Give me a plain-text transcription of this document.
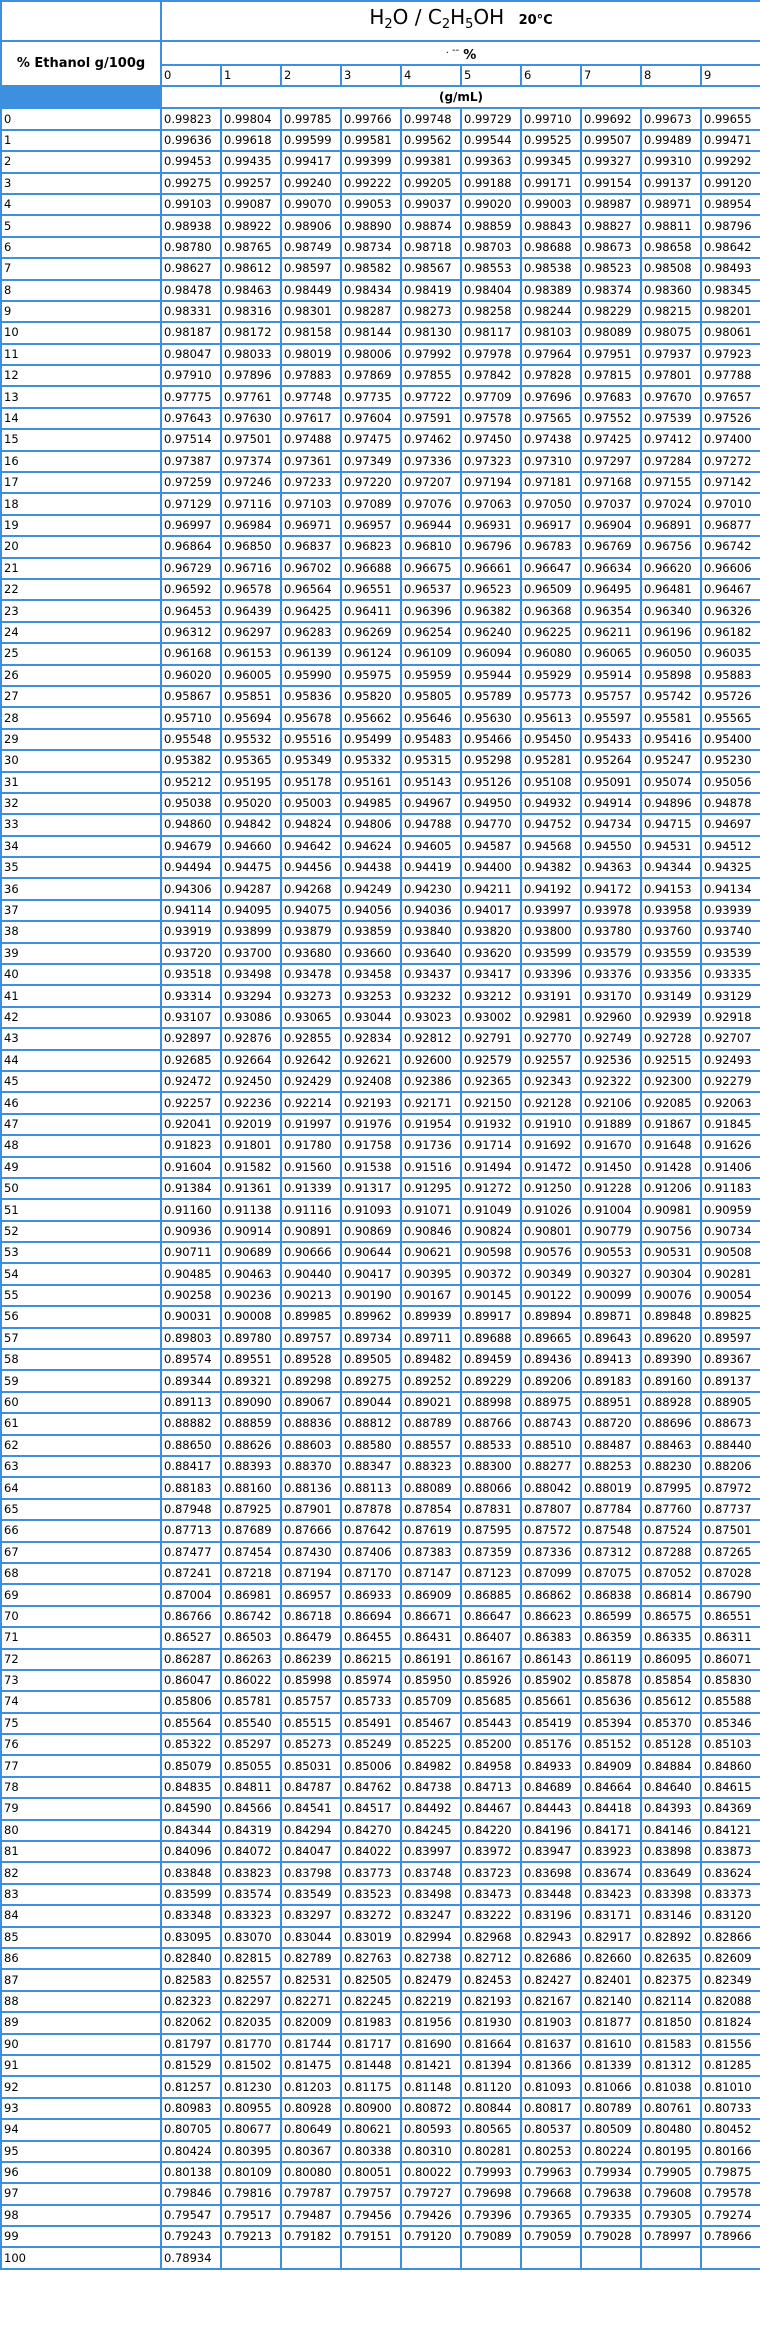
	$H_2O / C_2H_5OH$ 20°C									
% Ethanol g/100g	. -- %									
	0	1	2	3	4	5	6	7	8	9
	(g/mL)									
0	0.99823	0.99804	0.99785	0.99766	0.99748	0.99729	0.99710	0.99692	0.99673	0.99655
1	0.99636	0.99618	0.99599	0.99581	0.99562	0.99544	0.99525	0.99507	0.99489	0.99471
2	0.99453	0.99435	0.99417	0.99399	0.99381	0.99363	0.99345	0.99327	0.99310	0.99292
3	0.99275	0.99257	0.99240	0.99222	0.99205	0.99188	0.99171	0.99154	0.99137	0.99120
4	0.99103	0.99087	0.99070	0.99053	0.99037	0.99020	0.99003	0.98987	0.98971	0.98954
5	0.98938	0.98922	0.98906	0.98890	0.98874	0.98859	0.98843	0.98827	0.98811	0.98796
6	0.98780	0.98765	0.98749	0.98734	0.98718	0.98703	0.98688	0.98673	0.98658	0.98642
7	0.98627	0.98612	0.98597	0.98582	0.98567	0.98553	0.98538	0.98523	0.98508	0.98493
8	0.98478	0.98463	0.98449	0.98434	0.98419	0.98404	0.98389	0.98374	0.98360	0.98345
9	0.98331	0.98316	0.98301	0.98287	0.98273	0.98258	0.98244	0.98229	0.98215	0.98201
10	0.98187	0.98172	0.98158	0.98144	0.98130	0.98117	0.98103	0.98089	0.98075	0.98061
11	0.98047	0.98033	0.98019	0.98006	0.97992	0.97978	0.97964	0.97951	0.97937	0.97923
12	0.97910	0.97896	0.97883	0.97869	0.97855	0.97842	0.97828	0.97815	0.97801	0.97788
13	0.97775	0.97761	0.97748	0.97735	0.97722	0.97709	0.97696	0.97683	0.97670	0.97657
14	0.97643	0.97630	0.97617	0.97604	0.97591	0.97578	0.97565	0.97552	0.97539	0.97526
15	0.97514	0.97501	0.97488	0.97475	0.97462	0.97450	0.97438	0.97425	0.97412	0.97400
16	0.97387	0.97374	0.97361	0.97349	0.97336	0.97323	0.97310	0.97297	0.97284	0.97272
17	0.97259	0.97246	0.97233	0.97220	0.97207	0.97194	0.97181	0.97168	0.97155	0.97142
18	0.97129	0.97116	0.97103	0.97089	0.97076	0.97063	0.97050	0.97037	0.97024	0.97010
19	0.96997	0.96984	0.96971	0.96957	0.96944	0.96931	0.96917	0.96904	0.96891	0.96877
20	0.96864	0.96850	0.96837	0.96823	0.96810	0.96796	0.96783	0.96769	0.96756	0.96742
21	0.96729	0.96716	0.96702	0.96688	0.96675	0.96661	0.96647	0.96634	0.96620	0.96606
22	0.96592	0.96578	0.96564	0.96551	0.96537	0.96523	0.96509	0.96495	0.96481	0.96467
23	0.96453	0.96439	0.96425	0.96411	0.96396	0.96382	0.96368	0.96354	0.96340	0.96326
24	0.96312	0.96297	0.96283	0.96269	0.96254	0.96240	0.96225	0.96211	0.96196	0.96182
25	0.96168	0.96153	0.96139	0.96124	0.96109	0.96094	0.96080	0.96065	0.96050	0.96035
26	0.96020	0.96005	0.95990	0.95975	0.95959	0.95944	0.95929	0.95914	0.95898	0.95883
27	0.95867	0.95851	0.95836	0.95820	0.95805	0.95789	0.95773	0.95757	0.95742	0.95726
28	0.95710	0.95694	0.95678	0.95662	0.95646	0.95630	0.95613	0.95597	0.95581	0.95565
29	0.95548	0.95532	0.95516	0.95499	0.95483	0.95466	0.95450	0.95433	0.95416	0.95400
30	0.95382	0.95365	0.95349	0.95332	0.95315	0.95298	0.95281	0.95264	0.95247	0.95230
31	0.95212	0.95195	0.95178	0.95161	0.95143	0.95126	0.95108	0.95091	0.95074	0.95056
32	0.95038	0.95020	0.95003	0.94985	0.94967	0.94950	0.94932	0.94914	0.94896	0.94878
33	0.94860	0.94842	0.94824	0.94806	0.94788	0.94770	0.94752	0.94734	0.94715	0.94697
34	0.94679	0.94660	0.94642	0.94624	0.94605	0.94587	0.94568	0.94550	0.94531	0.94512
35	0.94494	0.94475	0.94456	0.94438	0.94419	0.94400	0.94382	0.94363	0.94344	0.94325
36	0.94306	0.94287	0.94268	0.94249	0.94230	0.94211	0.94192	0.94172	0.94153	0.94134
37	0.94114	0.94095	0.94075	0.94056	0.94036	0.94017	0.93997	0.93978	0.93958	0.93939
38	0.93919	0.93899	0.93879	0.93859	0.93840	0.93820	0.93800	0.93780	0.93760	0.93740
39	0.93720	0.93700	0.93680	0.93660	0.93640	0.93620	0.93599	0.93579	0.93559	0.93539
40	0.93518	0.93498	0.93478	0.93458	0.93437	0.93417	0.93396	0.93376	0.93356	0.93335
41	0.93314	0.93294	0.93273	0.93253	0.93232	0.93212	0.93191	0.93170	0.93149	0.93129
42	0.93107	0.93086	0.93065	0.93044	0.93023	0.93002	0.92981	0.92960	0.92939	0.92918
43	0.92897	0.92876	0.92855	0.92834	0.92812	0.92791	0.92770	0.92749	0.92728	0.92707
44	0.92685	0.92664	0.92642	0.92621	0.92600	0.92579	0.92557	0.92536	0.92515	0.92493
45	0.92472	0.92450	0.92429	0.92408	0.92386	0.92365	0.92343	0.92322	0.92300	0.92279
46	0.92257	0.92236	0.92214	0.92193	0.92171	0.92150	0.92128	0.92106	0.92085	0.92063
47	0.92041	0.92019	0.91997	0.91976	0.91954	0.91932	0.91910	0.91889	0.91867	0.91845
48	0.91823	0.91801	0.91780	0.91758	0.91736	0.91714	0.91692	0.91670	0.91648	0.91626
49	0.91604	0.91582	0.91560	0.91538	0.91516	0.91494	0.91472	0.91450	0.91428	0.91406
50	0.91384	0.91361	0.91339	0.91317	0.91295	0.91272	0.91250	0.91228	0.91206	0.91183
51	0.91160	0.91138	0.91116	0.91093	0.91071	0.91049	0.91026	0.91004	0.90981	0.90959
52	0.90936	0.90914	0.90891	0.90869	0.90846	0.90824	0.90801	0.90779	0.90756	0.90734
53	0.90711	0.90689	0.90666	0.90644	0.90621	0.90598	0.90576	0.90553	0.90531	0.90508
54	0.90485	0.90463	0.90440	0.90417	0.90395	0.90372	0.90349	0.90327	0.90304	0.90281
55	0.90258	0.90236	0.90213	0.90190	0.90167	0.90145	0.90122	0.90099	0.90076	0.90054
56	0.90031	0.90008	0.89985	0.89962	0.89939	0.89917	0.89894	0.89871	0.89848	0.89825
57	0.89803	0.89780	0.89757	0.89734	0.89711	0.89688	0.89665	0.89643	0.89620	0.89597
58	0.89574	0.89551	0.89528	0.89505	0.89482	0.89459	0.89436	0.89413	0.89390	0.89367
59	0.89344	0.89321	0.89298	0.89275	0.89252	0.89229	0.89206	0.89183	0.89160	0.89137
60	0.89113	0.89090	0.89067	0.89044	0.89021	0.88998	0.88975	0.88951	0.88928	0.88905
61	0.88882	0.88859	0.88836	0.88812	0.88789	0.88766	0.88743	0.88720	0.88696	0.88673
62	0.88650	0.88626	0.88603	0.88580	0.88557	0.88533	0.88510	0.88487	0.88463	0.88440
63	0.88417	0.88393	0.88370	0.88347	0.88323	0.88300	0.88277	0.88253	0.88230	0.88206
64	0.88183	0.88160	0.88136	0.88113	0.88089	0.88066	0.88042	0.88019	0.87995	0.87972
65	0.87948	0.87925	0.87901	0.87878	0.87854	0.87831	0.87807	0.87784	0.87760	0.87737
66	0.87713	0.87689	0.87666	0.87642	0.87619	0.87595	0.87572	0.87548	0.87524	0.87501
67	0.87477	0.87454	0.87430	0.87406	0.87383	0.87359	0.87336	0.87312	0.87288	0.87265
68	0.87241	0.87218	0.87194	0.87170	0.87147	0.87123	0.87099	0.87075	0.87052	0.87028
69	0.87004	0.86981	0.86957	0.86933	0.86909	0.86885	0.86862	0.86838	0.86814	0.86790
70	0.86766	0.86742	0.86718	0.86694	0.86671	0.86647	0.86623	0.86599	0.86575	0.86551
71	0.86527	0.86503	0.86479	0.86455	0.86431	0.86407	0.86383	0.86359	0.86335	0.86311
72	0.86287	0.86263	0.86239	0.86215	0.86191	0.86167	0.86143	0.86119	0.86095	0.86071
73	0.86047	0.86022	0.85998	0.85974	0.85950	0.85926	0.85902	0.85878	0.85854	0.85830
74	0.85806	0.85781	0.85757	0.85733	0.85709	0.85685	0.85661	0.85636	0.85612	0.85588
75	0.85564	0.85540	0.85515	0.85491	0.85467	0.85443	0.85419	0.85394	0.85370	0.85346
76	0.85322	0.85297	0.85273	0.85249	0.85225	0.85200	0.85176	0.85152	0.85128	0.85103
77	0.85079	0.85055	0.85031	0.85006	0.84982	0.84958	0.84933	0.84909	0.84884	0.84860
78	0.84835	0.84811	0.84787	0.84762	0.84738	0.84713	0.84689	0.84664	0.84640	0.84615
79	0.84590	0.84566	0.84541	0.84517	0.84492	0.84467	0.84443	0.84418	0.84393	0.84369
80	0.84344	0.84319	0.84294	0.84270	0.84245	0.84220	0.84196	0.84171	0.84146	0.84121
81	0.84096	0.84072	0.84047	0.84022	0.83997	0.83972	0.83947	0.83923	0.83898	0.83873
82	0.83848	0.83823	0.83798	0.83773	0.83748	0.83723	0.83698	0.83674	0.83649	0.83624
83	0.83599	0.83574	0.83549	0.83523	0.83498	0.83473	0.83448	0.83423	0.83398	0.83373
84	0.83348	0.83323	0.83297	0.83272	0.83247	0.83222	0.83196	0.83171	0.83146	0.83120
85	0.83095	0.83070	0.83044	0.83019	0.82994	0.82968	0.82943	0.82917	0.82892	0.82866
86	0.82840	0.82815	0.82789	0.82763	0.82738	0.82712	0.82686	0.82660	0.82635	0.82609
87	0.82583	0.82557	0.82531	0.82505	0.82479	0.82453	0.82427	0.82401	0.82375	0.82349
88	0.82323	0.82297	0.82271	0.82245	0.82219	0.82193	0.82167	0.82140	0.82114	0.82088
89	0.82062	0.82035	0.82009	0.81983	0.81956	0.81930	0.81903	0.81877	0.81850	0.81824
90	0.81797	0.81770	0.81744	0.81717	0.81690	0.81664	0.81637	0.81610	0.81583	0.81556
91	0.81529	0.81502	0.81475	0.81448	0.81421	0.81394	0.81366	0.81339	0.81312	0.81285
92	0.81257	0.81230	0.81203	0.81175	0.81148	0.81120	0.81093	0.81066	0.81038	0.81010
93	0.80983	0.80955	0.80928	0.80900	0.80872	0.80844	0.80817	0.80789	0.80761	0.80733
94	0.80705	0.80677	0.80649	0.80621	0.80593	0.80565	0.80537	0.80509	0.80480	0.80452
95	0.80424	0.80395	0.80367	0.80338	0.80310	0.80281	0.80253	0.80224	0.80195	0.80166
96	0.80138	0.80109	0.80080	0.80051	0.80022	0.79993	0.79963	0.79934	0.79905	0.79875
97	0.79846	0.79816	0.79787	0.79757	0.79727	0.79698	0.79668	0.79638	0.79608	0.79578
98	0.79547	0.79517	0.79487	0.79456	0.79426	0.79396	0.79365	0.79335	0.79305	0.79274
99	0.79243	0.79213	0.79182	0.79151	0.79120	0.79089	0.79059	0.79028	0.78997	0.78966
100	0.78934									
